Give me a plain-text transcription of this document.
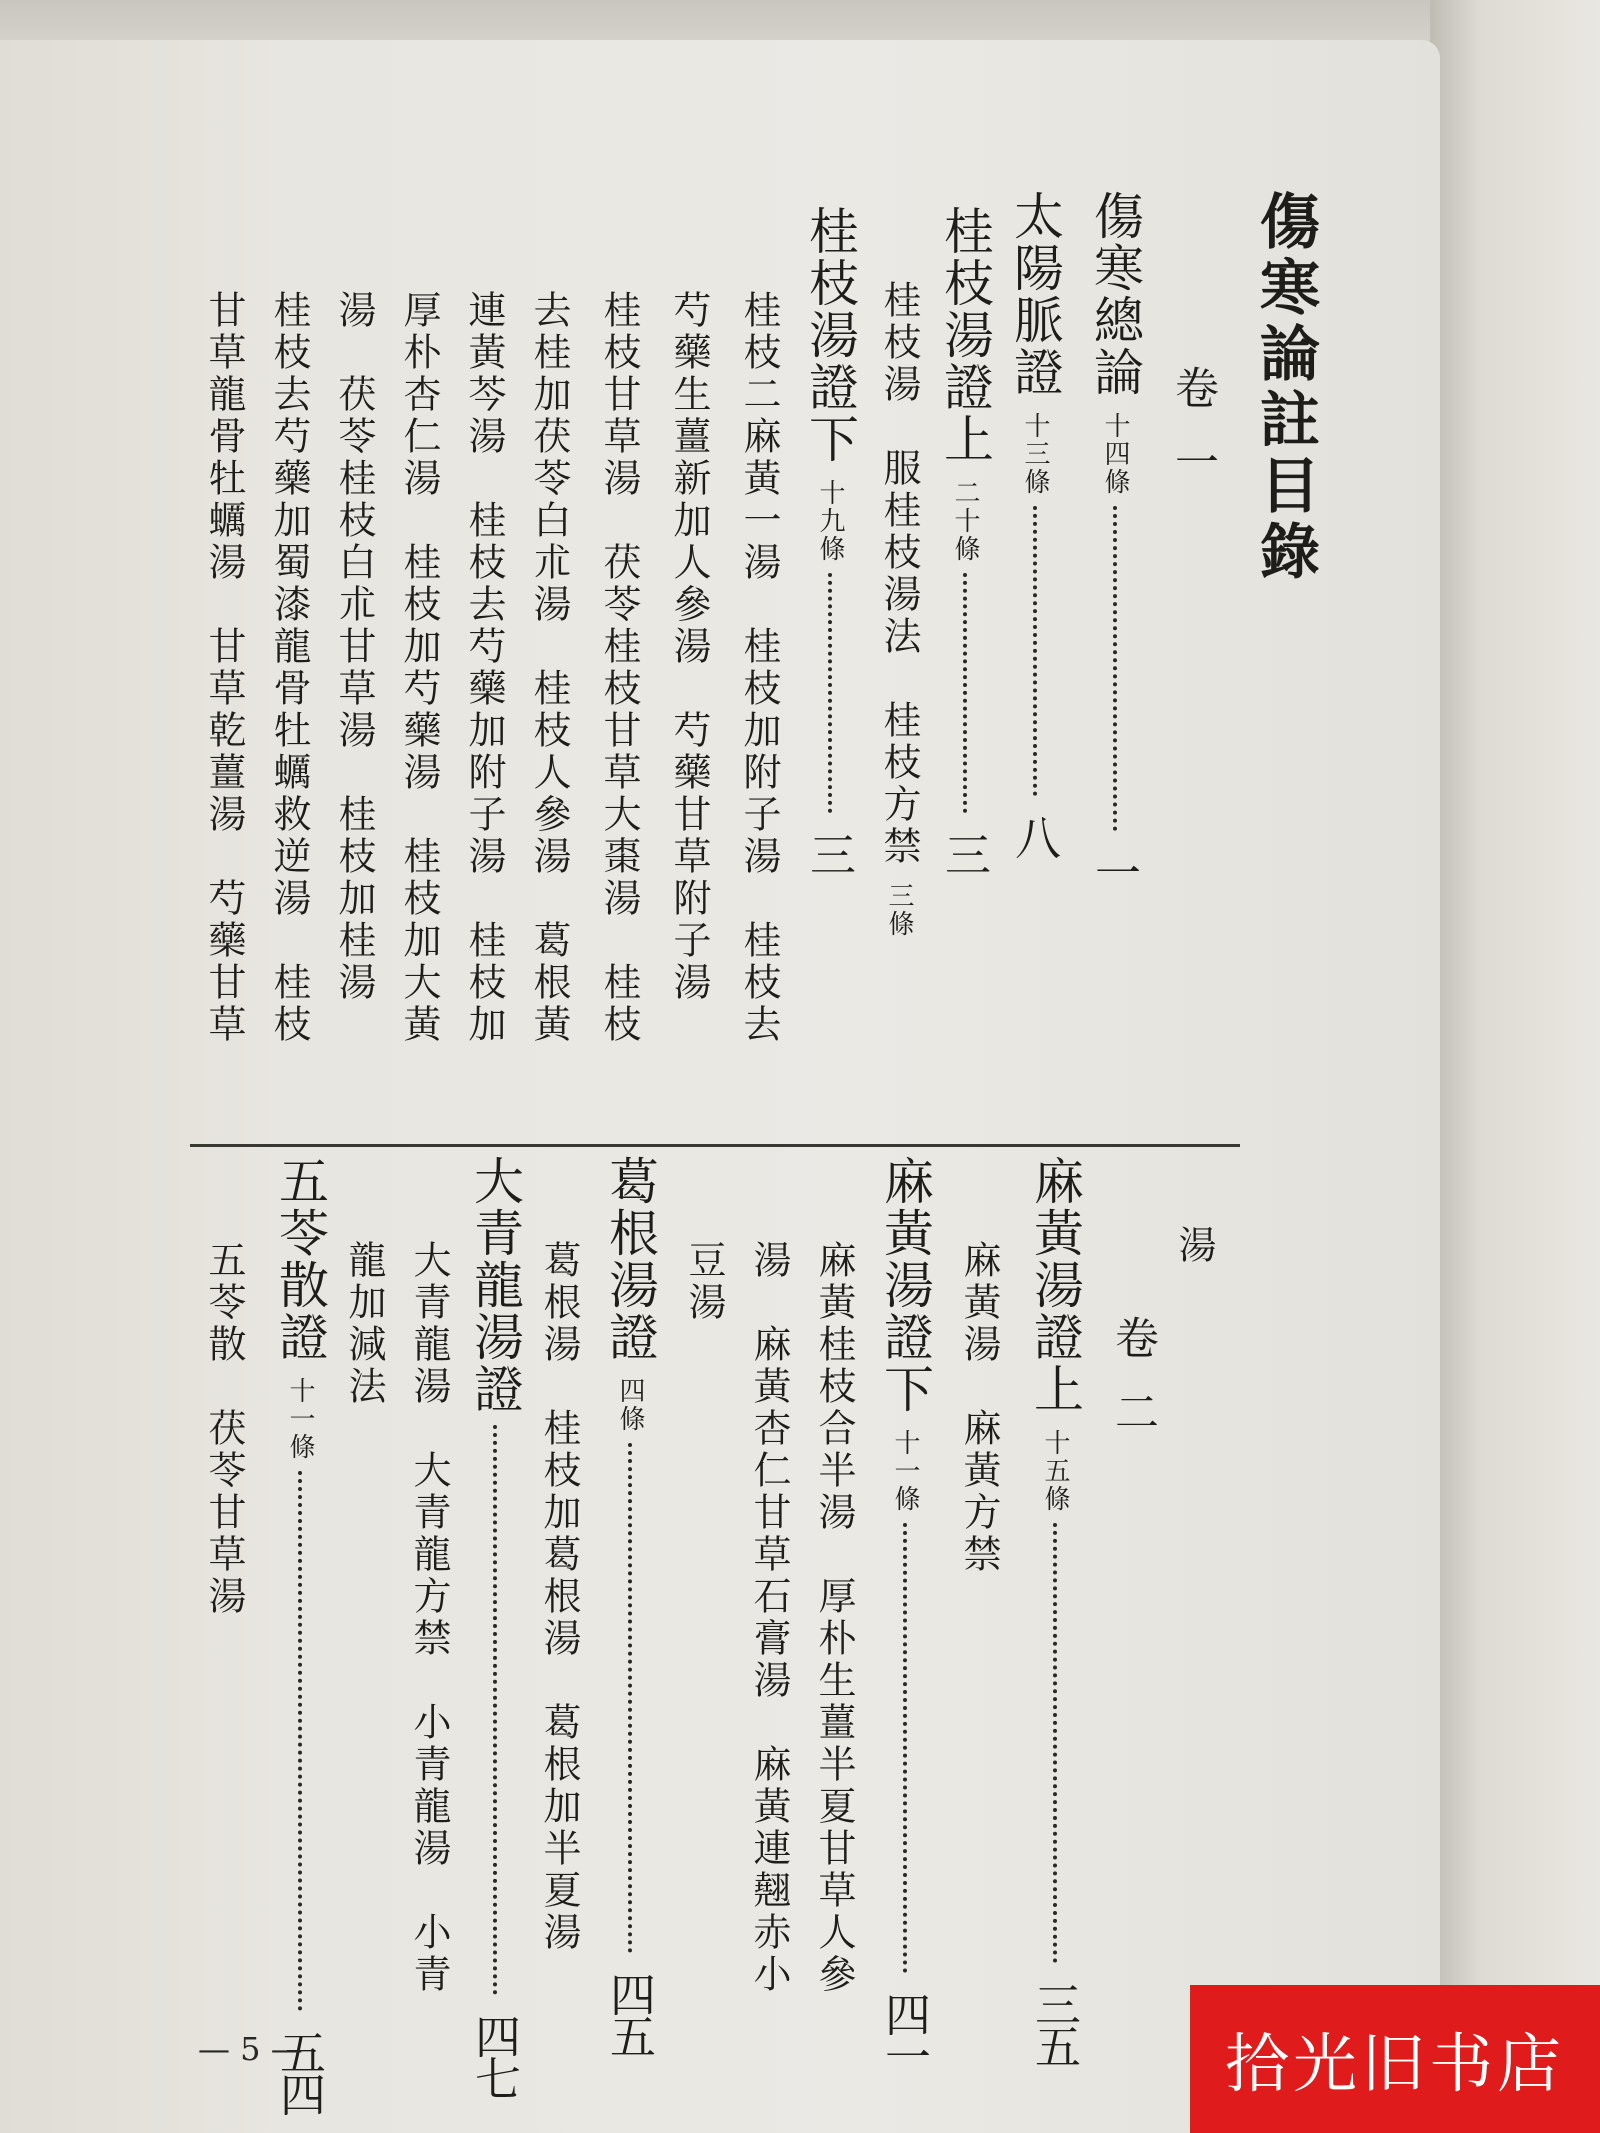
傷寒論註目錄
卷一
傷寒總論十四條一
太陽脈證十三條八
桂枝湯證上二十條三
桂枝湯　服桂枝湯法　桂枝方禁三條
桂枝湯證下十九條三
桂枝二麻黃一湯　桂枝加附子湯　桂枝去
芍藥生薑新加人參湯　芍藥甘草附子湯
桂枝甘草湯　茯苓桂枝甘草大棗湯　桂枝
去桂加茯苓白朮湯　桂枝人參湯　葛根黃
連黃芩湯　桂枝去芍藥加附子湯　桂枝加
厚朴杏仁湯　桂枝加芍藥湯　桂枝加大黃
湯　茯苓桂枝白朮甘草湯　桂枝加桂湯
桂枝去芍藥加蜀漆龍骨牡蠣救逆湯　桂枝
甘草龍骨牡蠣湯　甘草乾薑湯　芍藥甘草
湯
卷二
麻黃湯證上十五條三五
麻黃湯　麻黃方禁
麻黃湯證下十一條四一
麻黃桂枝合半湯　厚朴生薑半夏甘草人參
湯　麻黃杏仁甘草石膏湯　麻黃連翹赤小
豆湯
葛根湯證四條四五
葛根湯　桂枝加葛根湯　葛根加半夏湯
大青龍湯證四七
大青龍湯　大青龍方禁　小青龍湯　小青
龍加減法
五苓散證十一條五四
五苓散　茯苓甘草湯
— 5 —	拾光旧书店
